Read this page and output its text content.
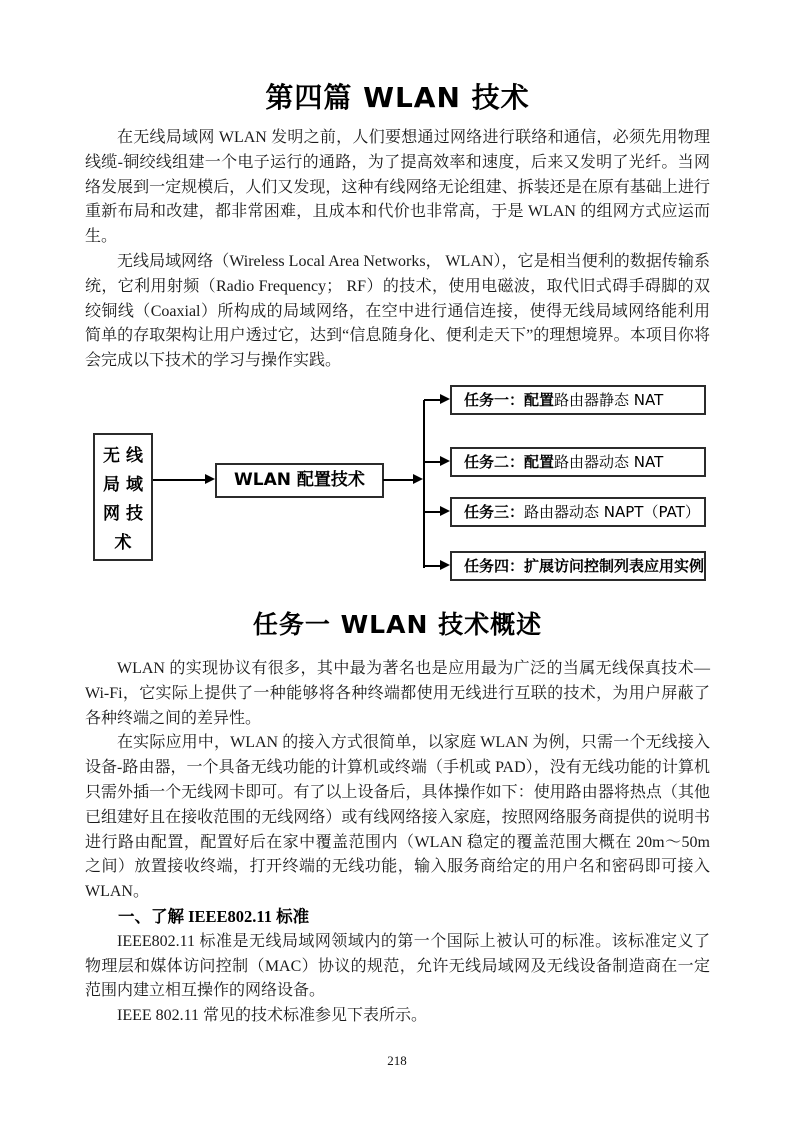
第四篇 WLAN 技术

在无线局域网 WLAN 发明之前，人们要想通过网络进行联络和通信，必须先用物理线缆-铜绞线组建一个电子运行的通路，为了提高效率和速度，后来又发明了光纤。当网络发展到一定规模后，人们又发现，这种有线网络无论组建、拆装还是在原有基础上进行重新布局和改建，都非常困难，且成本和代价也非常高，于是 WLAN 的组网方式应运而生。

无线局域网络（Wireless Local Area Networks， WLAN），它是相当便利的数据传输系统，它利用射频（Radio Frequency； RF）的技术，使用电磁波，取代旧式碍手碍脚的双绞铜线（Coaxial）所构成的局域网络，在空中进行通信连接，使得无线局域网络能利用简单的存取架构让用户透过它，达到“信息随身化、便利走天下”的理想境界。本项目你将会完成以下技术的学习与操作实践。

无 线
局 域
网 技
术
WLAN 配置技术
任务一：配置路由器静态 NAT
任务二：配置路由器动态 NAT
任务三：路由器动态 NAPT（PAT）
任务四：扩展访问控制列表应用实例
任务一 WLAN 技术概述

WLAN 的实现协议有很多，其中最为著名也是应用最为广泛的当属无线保真技术—Wi-Fi，它实际上提供了一种能够将各种终端都使用无线进行互联的技术，为用户屏蔽了各种终端之间的差异性。

在实际应用中，WLAN 的接入方式很简单，以家庭 WLAN 为例，只需一个无线接入设备-路由器，一个具备无线功能的计算机或终端（手机或 PAD），没有无线功能的计算机只需外插一个无线网卡即可。有了以上设备后，具体操作如下：使用路由器将热点（其他已组建好且在接收范围的无线网络）或有线网络接入家庭，按照网络服务商提供的说明书进行路由配置，配置好后在家中覆盖范围内（WLAN 稳定的覆盖范围大概在 20m～50m 之间）放置接收终端，打开终端的无线功能，输入服务商给定的用户名和密码即可接入 WLAN。

一、了解 IEEE802.11 标准

IEEE802.11 标准是无线局域网领域内的第一个国际上被认可的标准。该标准定义了物理层和媒体访问控制（MAC）协议的规范，允许无线局域网及无线设备制造商在一定范围内建立相互操作的网络设备。

IEEE 802.11 常见的技术标准参见下表所示。

218
